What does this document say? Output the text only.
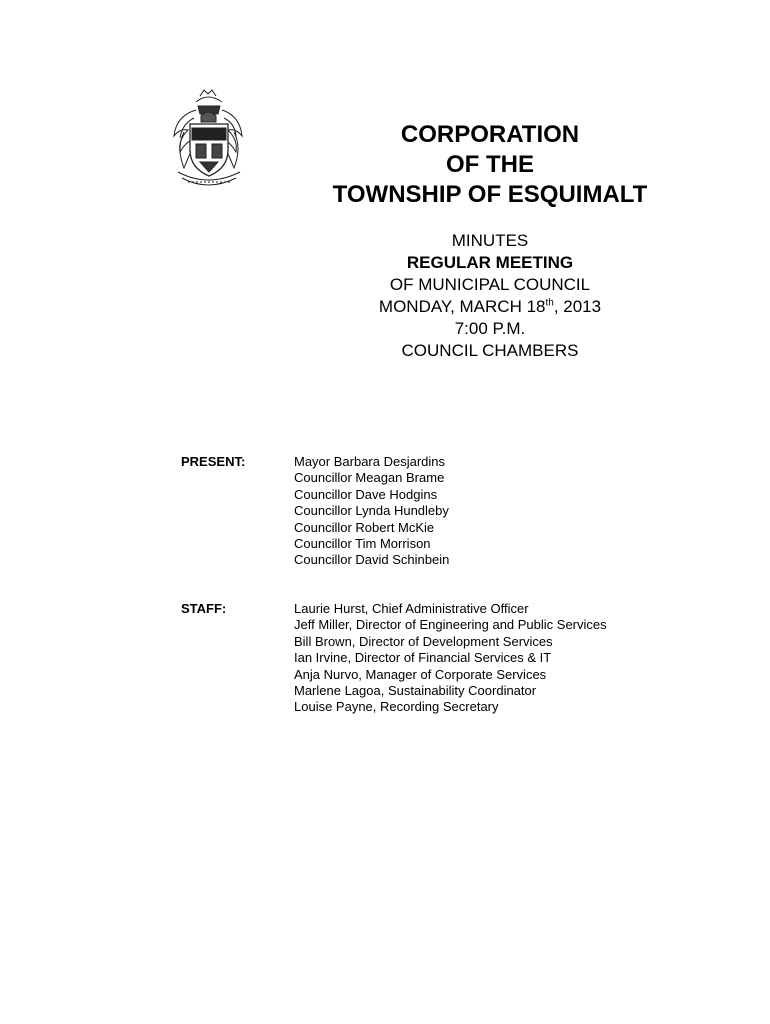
CORPORATION
OF THE
TOWNSHIP OF ESQUIMALT
MINUTES
REGULAR MEETING
OF MUNICIPAL COUNCIL
MONDAY, MARCH 18th, 2013
7:00 P.M.
COUNCIL CHAMBERS
PRESENT:	Mayor Barbara Desjardins
Councillor Meagan Brame
Councillor Dave Hodgins
Councillor Lynda Hundleby
Councillor Robert McKie
Councillor Tim Morrison
Councillor David Schinbein
STAFF:	Laurie Hurst, Chief Administrative Officer
Jeff Miller, Director of Engineering and Public Services
Bill Brown, Director of Development Services
Ian Irvine, Director of Financial Services & IT
Anja Nurvo, Manager of Corporate Services
Marlene Lagoa, Sustainability Coordinator
Louise Payne, Recording Secretary
